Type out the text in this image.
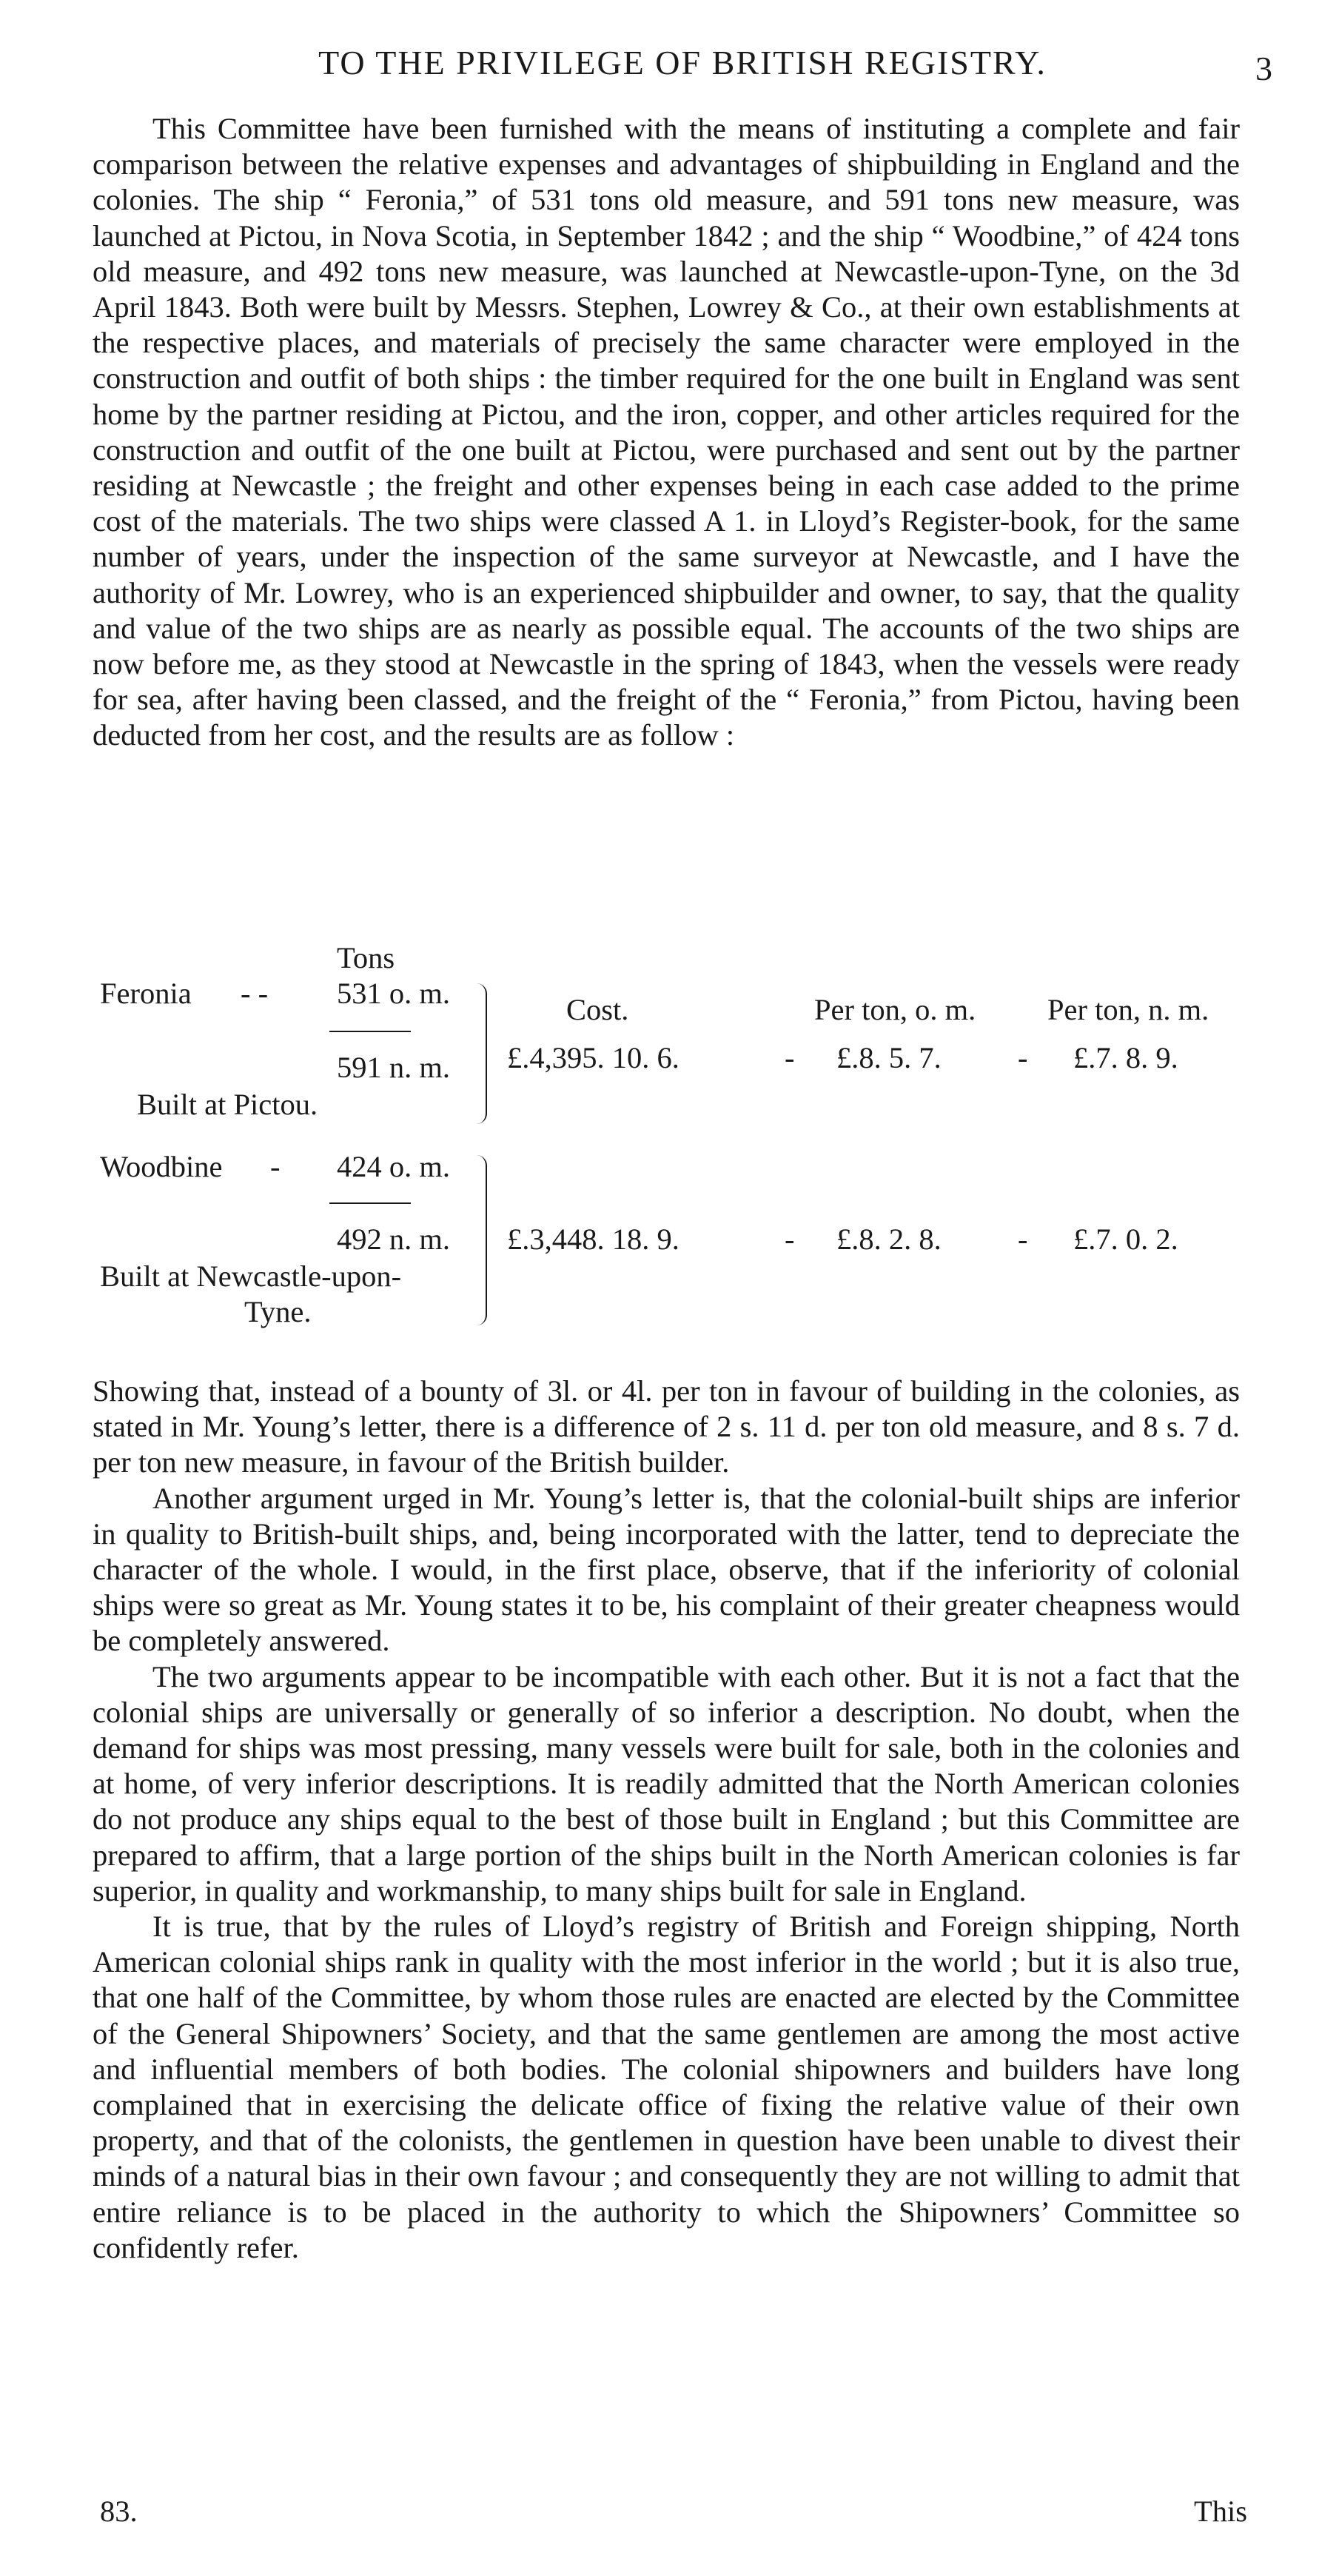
TO THE PRIVILEGE OF BRITISH REGISTRY.	3

This Committee have been furnished with the means of instituting a complete and fair comparison between the relative expenses and advantages of shipbuilding in England and the colonies. The ship “ Feronia,” of 531 tons old measure, and 591 tons new measure, was launched at Pictou, in Nova Scotia, in September 1842 ; and the ship “ Woodbine,” of 424 tons old measure, and 492 tons new measure, was launched at Newcastle-upon-Tyne, on the 3d April 1843. Both were built by Messrs. Stephen, Lowrey & Co., at their own establishments at the respective places, and materials of precisely the same character were employed in the construction and outfit of both ships : the timber required for the one built in England was sent home by the partner residing at Pictou, and the iron, copper, and other articles required for the construction and outfit of the one built at Pictou, were purchased and sent out by the partner residing at Newcastle ; the freight and other expenses being in each case added to the prime cost of the materials. The two ships were classed A 1. in Lloyd’s Register-book, for the same number of years, under the inspection of the same surveyor at Newcastle, and I have the authority of Mr. Lowrey, who is an experienced shipbuilder and owner, to say, that the quality and value of the two ships are as nearly as possible equal. The accounts of the two ships are now before me, as they stood at Newcastle in the spring of 1843, when the vessels were ready for sea, after having been classed, and the freight of the “ Feronia,” from Pictou, having been deducted from her cost, and the results are as follow :

Tons
Feronia - - 531 o. m.
591 n. m.
Built at Pictou.
Cost.	Per ton, o. m. Per ton, n. m.
£.4,395. 10. 6.	- £.8. 5. 7.	- £.7. 8. 9.
Woodbine - 424 o. m.
492 n. m.
Built at Newcastle-upon-
Tyne.
£.3,448. 18. 9.	- £.8. 2. 8.	- £.7. 0. 2.

Showing that, instead of a bounty of 3l. or 4l. per ton in favour of building in the colonies, as stated in Mr. Young’s letter, there is a difference of 2 s. 11 d. per ton old measure, and 8 s. 7 d. per ton new measure, in favour of the British builder.

Another argument urged in Mr. Young’s letter is, that the colonial-built ships are inferior in quality to British-built ships, and, being incorporated with the latter, tend to depreciate the character of the whole. I would, in the first place, observe, that if the inferiority of colonial ships were so great as Mr. Young states it to be, his complaint of their greater cheapness would be completely answered.

The two arguments appear to be incompatible with each other. But it is not a fact that the colonial ships are universally or generally of so inferior a description. No doubt, when the demand for ships was most pressing, many vessels were built for sale, both in the colonies and at home, of very inferior descriptions. It is readily admitted that the North American colonies do not produce any ships equal to the best of those built in England ; but this Committee are prepared to affirm, that a large portion of the ships built in the North American colonies is far superior, in quality and workmanship, to many ships built for sale in England.

It is true, that by the rules of Lloyd’s registry of British and Foreign shipping, North American colonial ships rank in quality with the most inferior in the world ; but it is also true, that one half of the Committee, by whom those rules are enacted are elected by the Committee of the General Shipowners’ Society, and that the same gentlemen are among the most active and influential members of both bodies. The colonial shipowners and builders have long complained that in exercising the delicate office of fixing the relative value of their own property, and that of the colonists, the gentlemen in question have been unable to divest their minds of a natural bias in their own favour ; and consequently they are not willing to admit that entire reliance is to be placed in the authority to which the Shipowners’ Committee so confidently refer.

83.	This
